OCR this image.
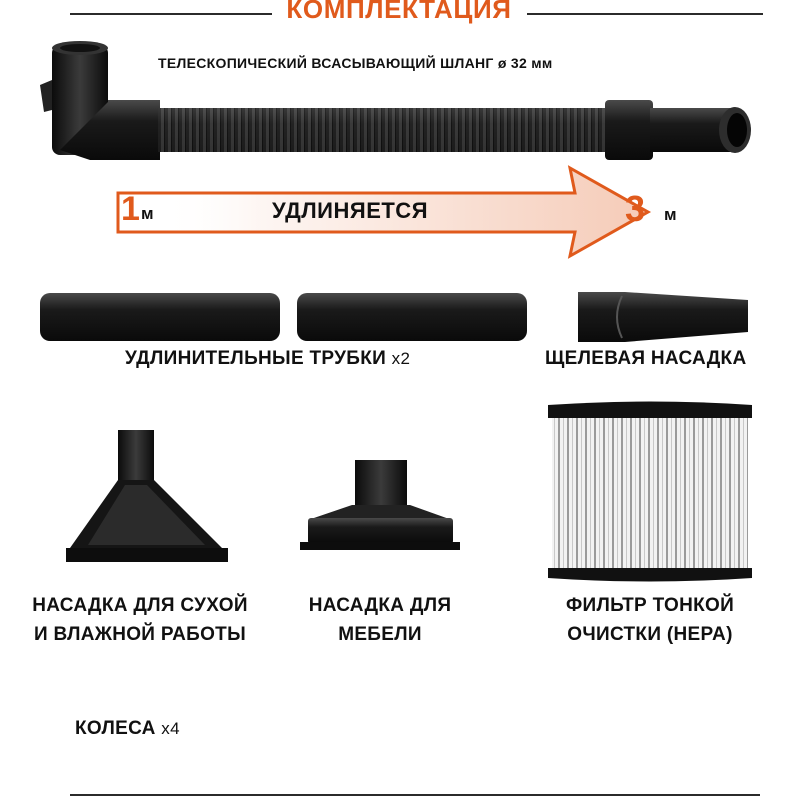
КОМПЛЕКТАЦИЯ
ТЕЛЕСКОПИЧЕСКИЙ ВСАСЫВАЮЩИЙ ШЛАНГ ø 32 мм
1 м	УДЛИНЯЕТСЯ	3 м
УДЛИНИТЕЛЬНЫЕ ТРУБКИ x2	ЩЕЛЕВАЯ НАСАДКА
НАСАДКА ДЛЯ СУХОЙ
И ВЛАЖНОЙ РАБОТЫ
НАСАДКА ДЛЯ
МЕБЕЛИ
ФИЛЬТР ТОНКОЙ
ОЧИСТКИ (HEPA)
КОЛЕСА x4
